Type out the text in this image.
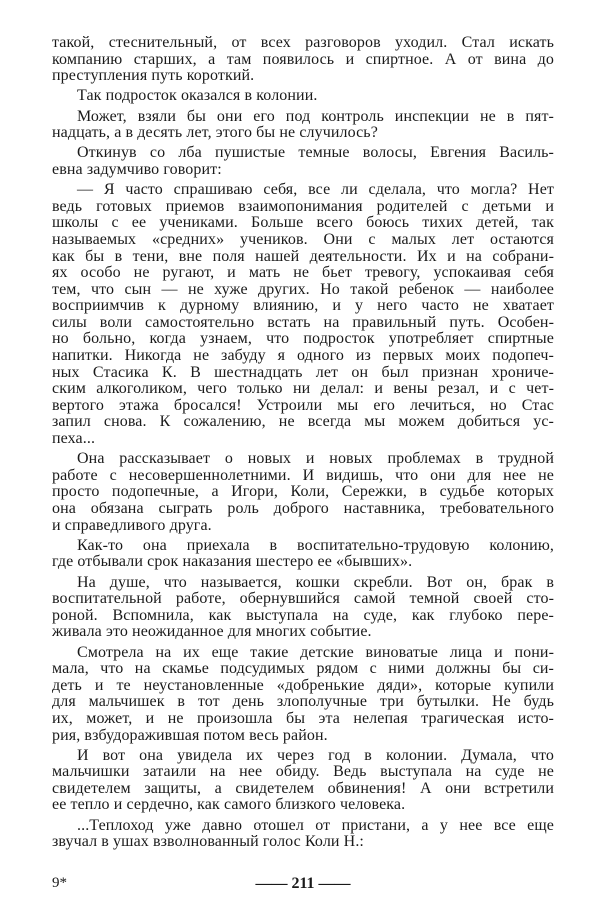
такой, стеснительный, от всех разговоров уходил. Стал искать
компанию старших, а там появилось и спиртное. А от вина до
преступления путь короткий.
Так подросток оказался в колонии.
Может, взяли бы они его под контроль инспекции не в пят-
надцать, а в десять лет, этого бы не случилось?
Откинув со лба пушистые темные волосы, Евгения Василь-
евна задумчиво говорит:
— Я часто спрашиваю себя, все ли сделала, что могла? Нет
ведь готовых приемов взаимопонимания родителей с детьми и
школы с ее учениками. Больше всего боюсь тихих детей, так
называемых «средних» учеников. Они с малых лет остаются
как бы в тени, вне поля нашей деятельности. Их и на собрани-
ях особо не ругают, и мать не бьет тревогу, успокаивая себя
тем, что сын — не хуже других. Но такой ребенок — наиболее
восприимчив к дурному влиянию, и у него часто не хватает
силы воли самостоятельно встать на правильный путь. Особен-
но больно, когда узнаем, что подросток употребляет спиртные
напитки. Никогда не забуду я одного из первых моих подопеч-
ных Стасика К. В шестнадцать лет он был признан хрониче-
ским алкоголиком, чего только ни делал: и вены резал, и с чет-
вертого этажа бросался! Устроили мы его лечиться, но Стас
запил снова. К сожалению, не всегда мы можем добиться ус-
пеха...
Она рассказывает о новых и новых проблемах в трудной
работе с несовершеннолетними. И видишь, что они для нее не
просто подопечные, а Игори, Коли, Сережки, в судьбе которых
она обязана сыграть роль доброго наставника, требовательного
и справедливого друга.
Как-то она приехала в воспитательно-трудовую колонию,
где отбывали срок наказания шестеро ее «бывших».
На душе, что называется, кошки скребли. Вот он, брак в
воспитательной работе, обернувшийся самой темной своей сто-
роной. Вспомнила, как выступала на суде, как глубоко пере-
живала это неожиданное для многих событие.
Смотрела на их еще такие детские виноватые лица и пони-
мала, что на скамье подсудимых рядом с ними должны бы си-
деть и те неустановленные «добренькие дяди», которые купили
для мальчишек в тот день злополучные три бутылки. Не будь
их, может, и не произошла бы эта нелепая трагическая исто-
рия, взбудоражившая потом весь район.
И вот она увидела их через год в колонии. Думала, что
мальчишки затаили на нее обиду. Ведь выступала на суде не
свидетелем защиты, а свидетелем обвинения! А они встретили
ее тепло и сердечно, как самого близкого человека.
...Теплоход уже давно отошел от пристани, а у нее все еще
звучал в ушах взволнованный голос Коли Н.:
9*	—— 211 ——
